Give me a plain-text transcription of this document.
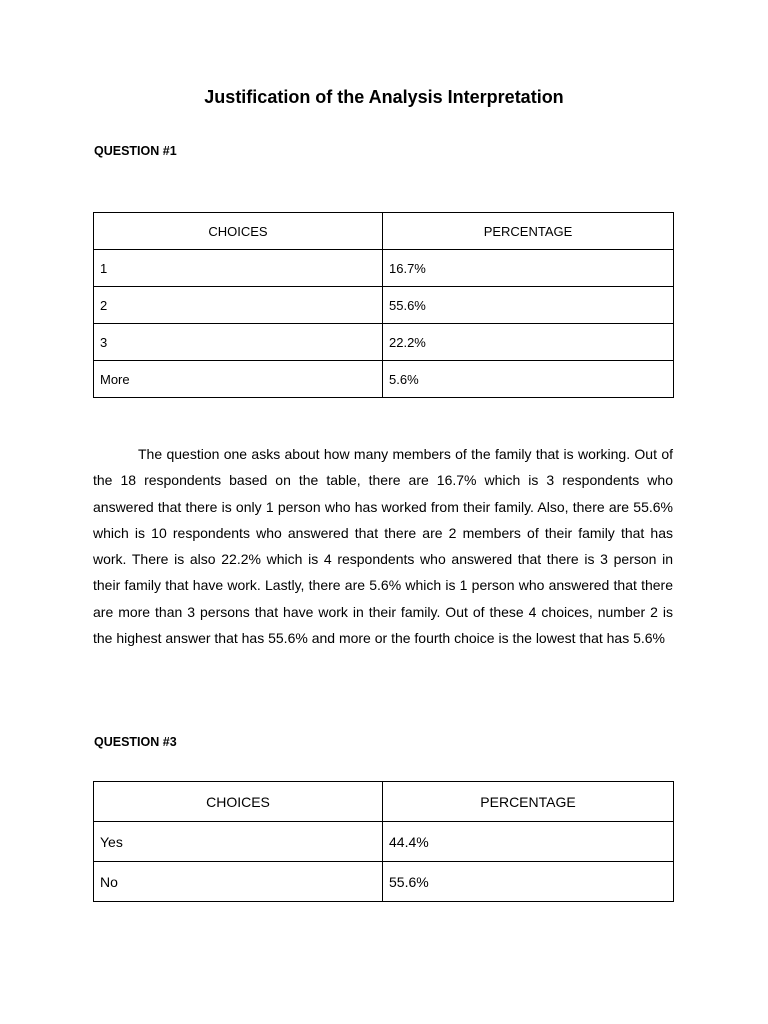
Justification of the Analysis Interpretation
QUESTION #1
CHOICES	PERCENTAGE
1	16.7%
2	55.6%
3	22.2%
More	5.6%

The question one asks about how many members of the family that is working. Out of the 18 respondents based on the table, there are 16.7% which is 3 respondents who answered that there is only 1 person who has worked from their family. Also, there are 55.6% which is 10 respondents who answered that there are 2 members of their family that has work. There is also 22.2% which is 4 respondents who answered that there is 3 person in their family that have work. Lastly, there are 5.6% which is 1 person who answered that there are more than 3 persons that have work in their family. Out of these 4 choices, number 2 is the highest answer that has 55.6% and more or the fourth choice is the lowest that has 5.6%

QUESTION #3
CHOICES	PERCENTAGE
Yes	44.4%
No	55.6%
